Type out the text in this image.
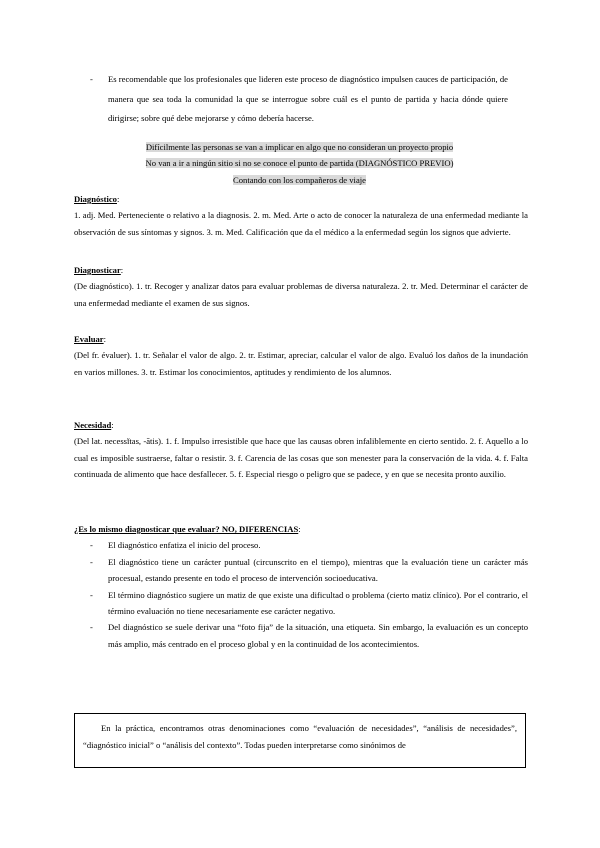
- Es recomendable que los profesionales que lideren este proceso de diagnóstico impulsen cauces de participación, de manera que sea toda la comunidad la que se interrogue sobre cuál es el punto de partida y hacia dónde quiere dirigirse; sobre qué debe mejorarse y cómo debería hacerse.
Difícilmente las personas se van a implicar en algo que no consideran un proyecto propio
No van a ir a ningún sitio si no se conoce el punto de partida (DIAGNÓSTICO PREVIO)
Contando con los compañeros de viaje
Diagnóstico:
1. adj. Med. Perteneciente o relativo a la diagnosis. 2. m. Med. Arte o acto de conocer la naturaleza de una enfermedad mediante la observación de sus síntomas y signos. 3. m. Med. Calificación que da el médico a la enfermedad según los signos que advierte.
Diagnosticar:
(De diagnóstico). 1. tr. Recoger y analizar datos para evaluar problemas de diversa naturaleza. 2. tr. Med. Determinar el carácter de una enfermedad mediante el examen de sus signos.
Evaluar:
(Del fr. évaluer). 1. tr. Señalar el valor de algo. 2. tr. Estimar, apreciar, calcular el valor de algo. Evaluó los daños de la inundación en varios millones. 3. tr. Estimar los conocimientos, aptitudes y rendimiento de los alumnos.
Necesidad:
(Del lat. necessĭtas, -ātis). 1. f. Impulso irresistible que hace que las causas obren infaliblemente en cierto sentido. 2. f. Aquello a lo cual es imposible sustraerse, faltar o resistir. 3. f. Carencia de las cosas que son menester para la conservación de la vida. 4. f. Falta continuada de alimento que hace desfallecer. 5. f. Especial riesgo o peligro que se padece, y en que se necesita pronto auxilio.
¿Es lo mismo diagnosticar que evaluar? NO, DIFERENCIAS:
- El diagnóstico enfatiza el inicio del proceso.
- El diagnóstico tiene un carácter puntual (circunscrito en el tiempo), mientras que la evaluación tiene un carácter más procesual, estando presente en todo el proceso de intervención socioeducativa.
- El término diagnóstico sugiere un matiz de que existe una dificultad o problema (cierto matiz clínico). Por el contrario, el término evaluación no tiene necesariamente ese carácter negativo.
- Del diagnóstico se suele derivar una “foto fija” de la situación, una etiqueta. Sin embargo, la evaluación es un concepto más amplio, más centrado en el proceso global y en la continuidad de los acontecimientos.
En la práctica, encontramos otras denominaciones como “evaluación de necesidades”, “análisis de necesidades”, “diagnóstico inicial” o “análisis del contexto”. Todas pueden interpretarse como sinónimos de
